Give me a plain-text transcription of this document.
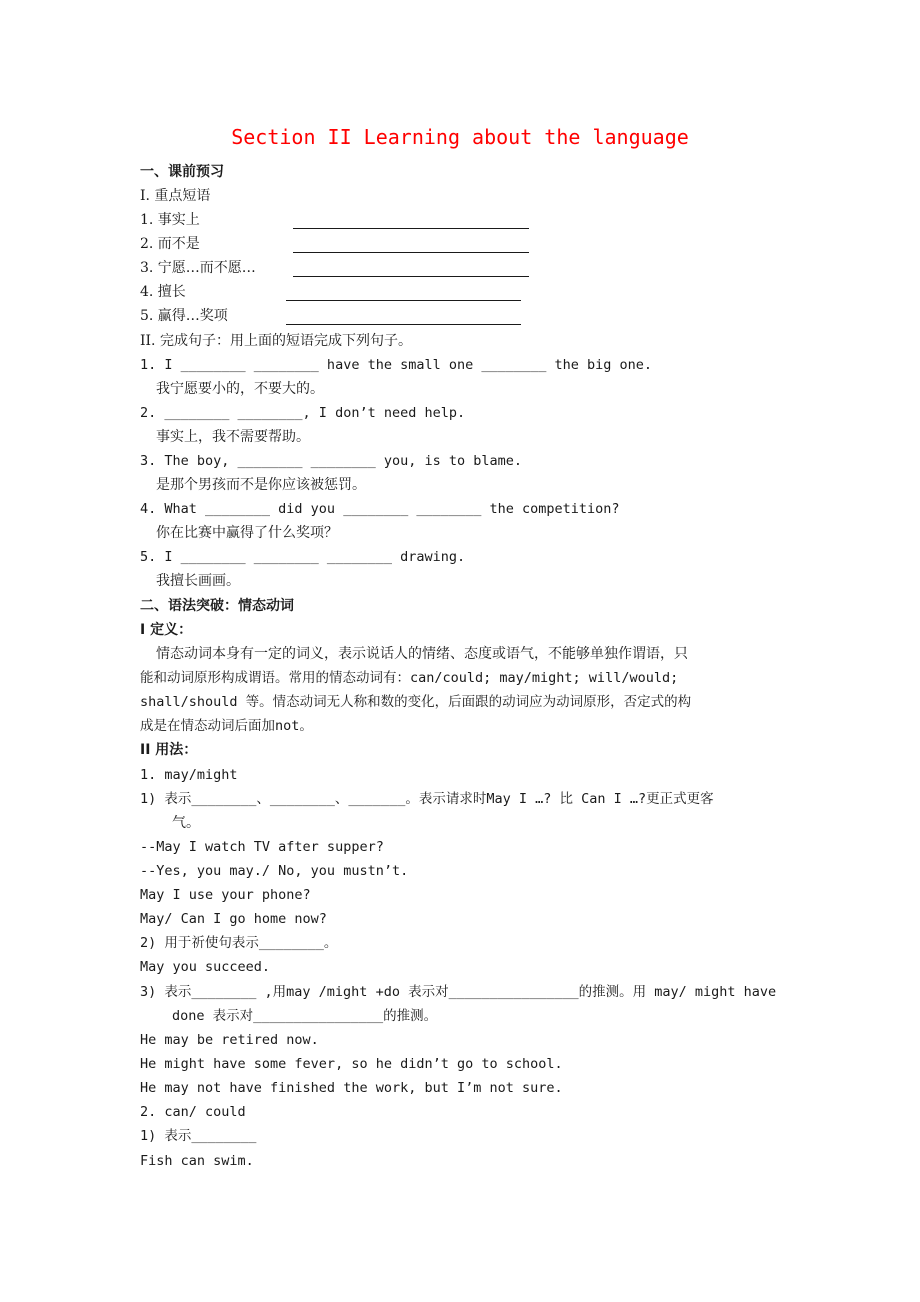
Section II Learning about the language
一、课前预习
I. 重点短语
1. 事实上
2. 而不是
3. 宁愿…而不愿…
4. 擅长
5. 赢得…奖项
II. 完成句子：用上面的短语完成下列句子。
1. I ________ ________ have the small one ________ the big one.
我宁愿要小的，不要大的。
2. ________ ________, I don’t need help.
事实上，我不需要帮助。
3. The boy, ________ ________ you, is to blame.
是那个男孩而不是你应该被惩罚。
4. What ________ did you ________ ________ the competition?
你在比赛中赢得了什么奖项？
5. I ________ ________ ________ drawing.
我擅长画画。
二、语法突破：情态动词
I 定义：
情态动词本身有一定的词义，表示说话人的情绪、态度或语气，不能够单独作谓语，只
能和动词原形构成谓语。常用的情态动词有：can/could; may/might; will/would;
shall/should 等。情态动词无人称和数的变化，后面跟的动词应为动词原形，否定式的构
成是在情态动词后面加not。
II 用法：
1. may/might
1) 表示________、________、_______。表示请求时May I …? 比 Can I …?更正式更客
气。
--May I watch TV after supper?
--Yes, you may./ No, you mustn’t.
May I use your phone?
May/ Can I go home now?
2) 用于祈使句表示________。
May you succeed.
3) 表示________ ,用may /might +do 表示对________________的推测。用 may/ might have
done 表示对________________的推测。
He may be retired now.
He might have some fever, so he didn’t go to school.
He may not have finished the work, but I’m not sure.
2. can/ could
1) 表示________
Fish can swim.
